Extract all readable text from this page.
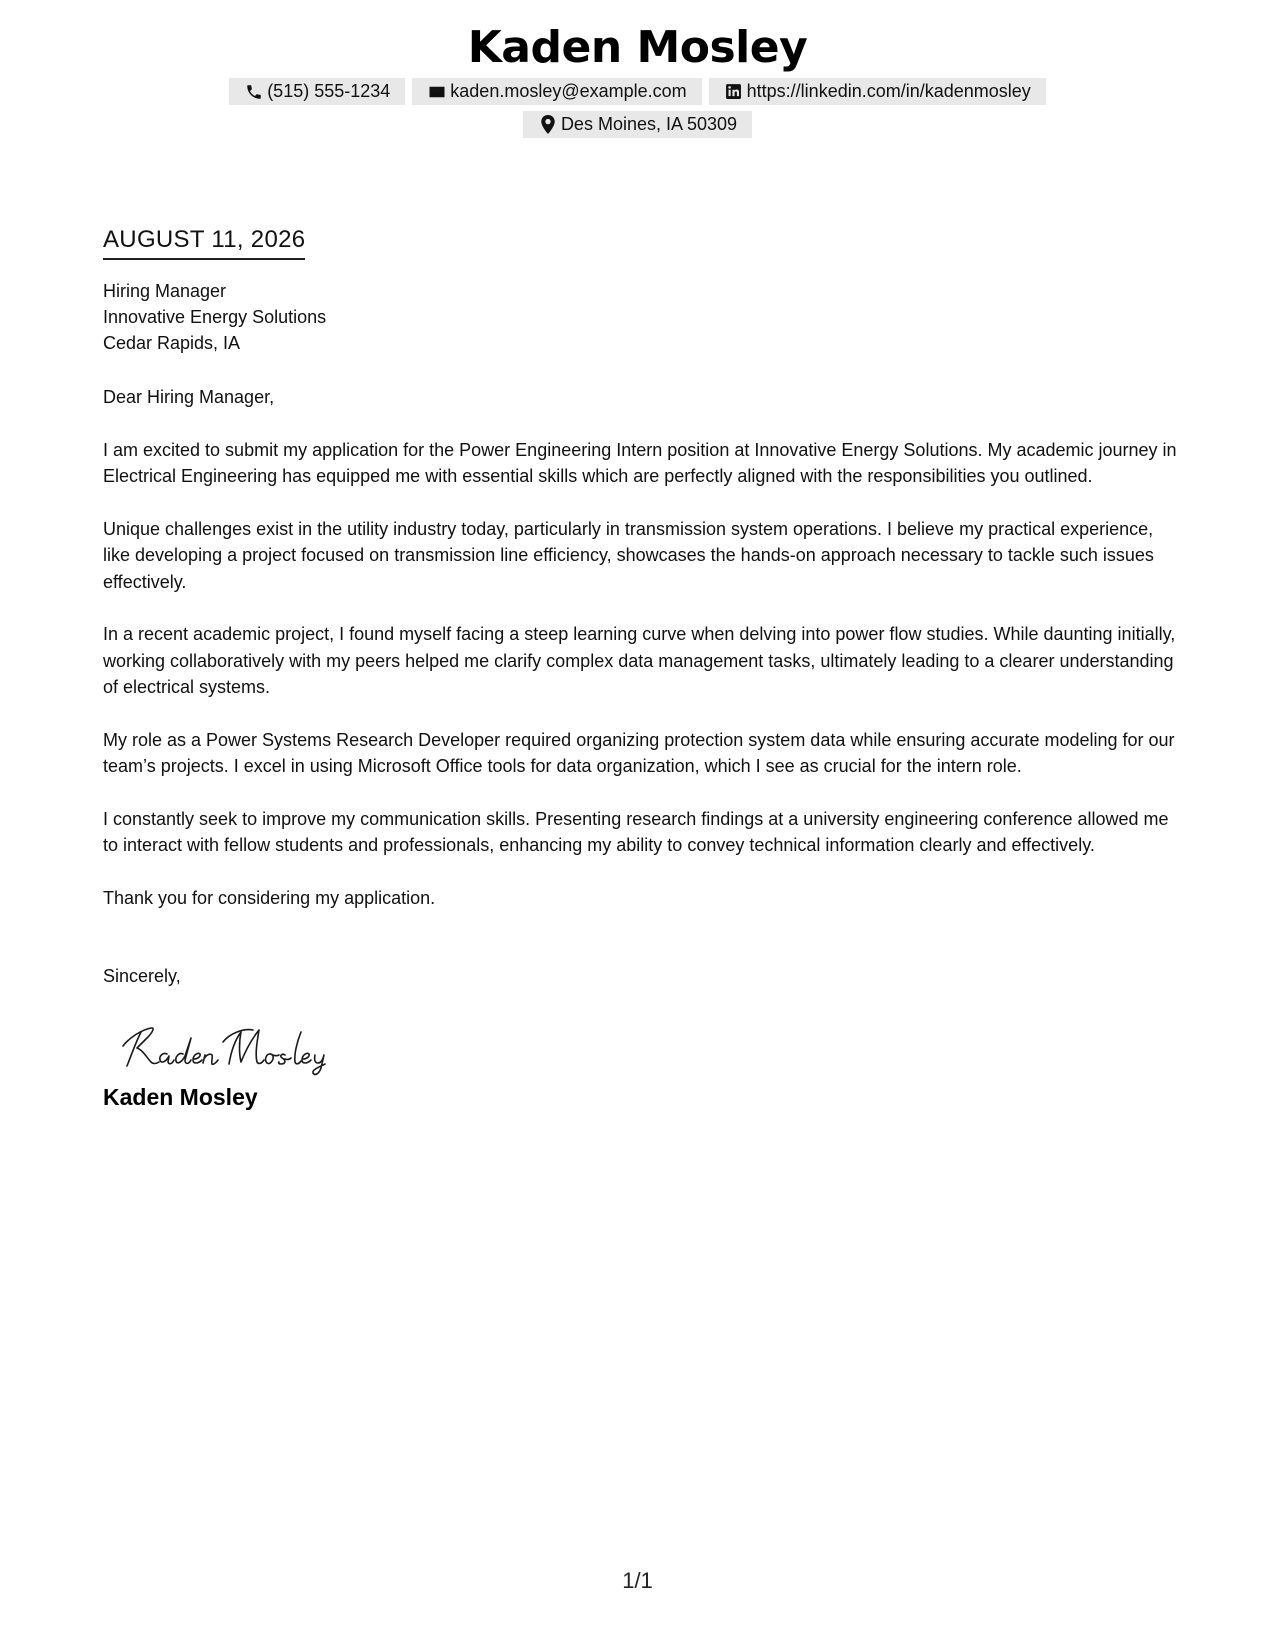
Kaden Mosley
(515) 555-1234	kaden.mosley@example.com	https://linkedin.com/in/kadenmosley
Des Moines, IA 50309
AUGUST 11, 2026
Hiring Manager
Innovative Energy Solutions
Cedar Rapids, IA
Dear Hiring Manager,

I am excited to submit my application for the Power Engineering Intern position at Innovative Energy Solutions. My academic journey in Electrical Engineering has equipped me with essential skills which are perfectly aligned with the responsibilities you outlined.

Unique challenges exist in the utility industry today, particularly in transmission system operations. I believe my practical experience, like developing a project focused on transmission line efficiency, showcases the hands-on approach necessary to tackle such issues effectively.

In a recent academic project, I found myself facing a steep learning curve when delving into power flow studies. While daunting initially, working collaboratively with my peers helped me clarify complex data management tasks, ultimately leading to a clearer understanding of electrical systems.

My role as a Power Systems Research Developer required organizing protection system data while ensuring accurate modeling for our team’s projects. I excel in using Microsoft Office tools for data organization, which I see as crucial for the intern role.

I constantly seek to improve my communication skills. Presenting research findings at a university engineering conference allowed me to interact with fellow students and professionals, enhancing my ability to convey technical information clearly and effectively.

Thank you for considering my application.

Sincerely,
Kaden Mosley
1/1
